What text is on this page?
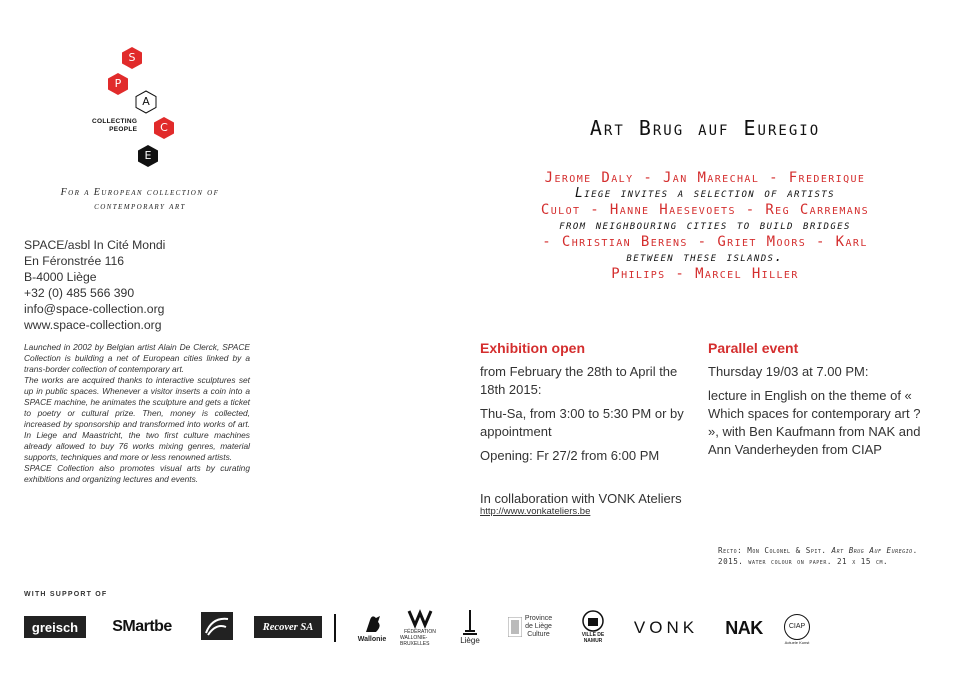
S
P
A
C
E
COLLECTING
PEOPLE
For a European collection of
contemporary art
SPACE/asbl In Cité Mondi
En Féronstrée 116
B-4000 Liège
+32 (0) 485 566 390
info@space-collection.org
www.space-collection.org

Launched in 2002 by Belgian artist Alain De Clerck, SPACE Collection is building a net of European cities linked by a trans-border collection of contemporary art.

The works are acquired thanks to interactive sculptures set up in public spaces. Whenever a visitor inserts a coin into a SPACE machine, he animates the sculpture and gets a ticket to poetry or cultural prize. Then, money is collected, increased by sponsorship and transformed into works of art. In Liege and Maastricht, the two first culture machines already allowed to buy 76 works mixing genres, material supports, techniques and more or less renowned artists.

SPACE Collection also promotes visual arts by curating exhibitions and organizing lectures and events.

Art Brug auf Euregio
Jerome Daly - Jan Marechal - Frederique
Liege invites a selection of artists
Culot - Hanne Haesevoets - Reg Carremans
from neighbouring cities to build bridges
- Christian Berens - Griet Moors - Karl
between these islands.
Philips - Marcel Hiller
Exhibition open

from February the 28th to April the 18th 2015:

Thu-Sa, from 3:00 to 5:30 PM or by appointment

Opening: Fr 27/2 from 6:00 PM

Parallel event

Thursday 19/03 at 7.00 PM:

lecture in English on the theme of « Which spaces for contemporary art ? », with Ben Kaufmann from NAK and Ann Vanderheyden from CIAP

In collaboration with VONK Ateliers
http://www.vonkateliers.be
Recto: Mon Colonel & Spit. Art Brug Auf Euregio. 2015. water colour on paper. 21 x 15 cm.
WITH SUPPORT OF
greisch	SMartbe	Recover SA
Wallonie
FÉDÉRATION
WALLONIE-BRUXELLES	Liège
Province
de Liège
Culture	VILLE DE
NAMUR
VONK	NAK	CIAP
Actuele Kunst
